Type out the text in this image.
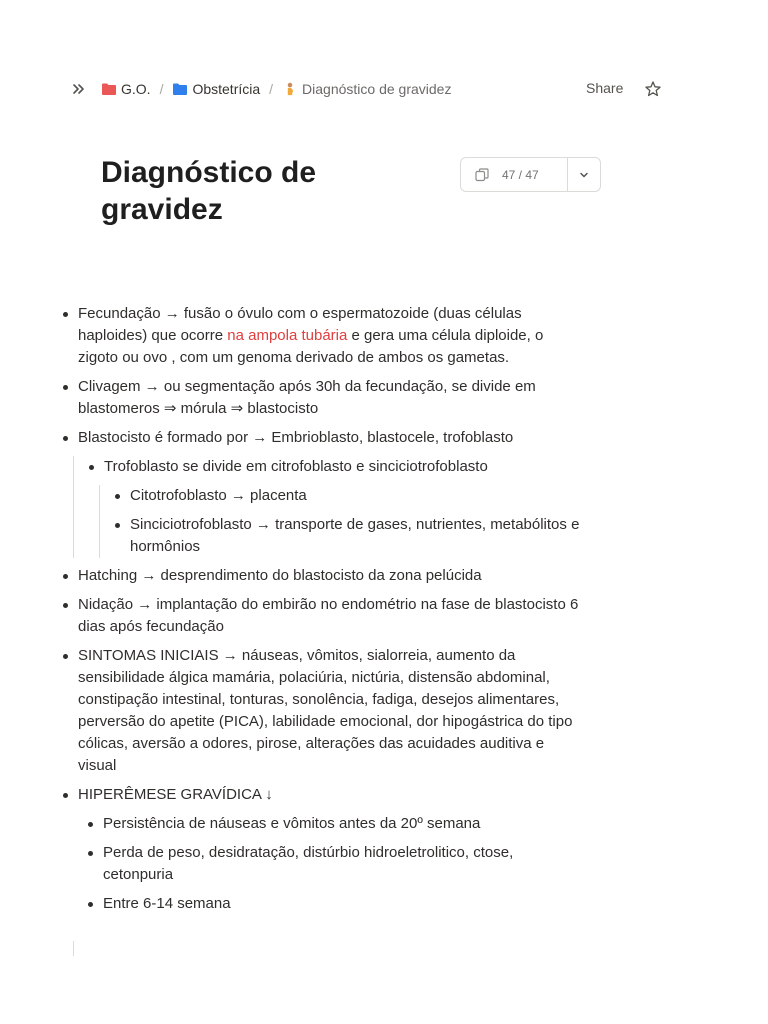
G.O. / Obstetrícia / Diagnóstico de gravidez	Share
Diagnóstico de gravidez
47 / 47
Fecundação → fusão o óvulo com o espermatozoide (duas células haploides) que ocorre na ampola tubária e gera uma célula diploide, o zigoto ou ovo , com um genoma derivado de ambos os gametas.
Clivagem → ou segmentação após 30h da fecundação, se divide em blastomeros ⇒ mórula ⇒ blastocisto
Blastocisto é formado por → Embrioblasto, blastocele, trofoblasto
Trofoblasto se divide em citrofoblasto e sinciciotrofoblasto
Citotrofoblasto → placenta
Sinciciotrofoblasto → transporte de gases, nutrientes, metabólitos e hormônios
Hatching → desprendimento do blastocisto da zona pelúcida
Nidação → implantação do embirão no endométrio na fase de blastocisto 6 dias após fecundação
SINTOMAS INICIAIS → náuseas, vômitos, sialorreia, aumento da sensibilidade álgica mamária, polaciúria, nictúria, distensão abdominal, constipação intestinal, tonturas, sonolência, fadiga, desejos alimentares, perversão do apetite (PICA), labilidade emocional, dor hipogástrica do tipo cólicas, aversão a odores, pirose, alterações das acuidades auditiva e visual
HIPERÊMESE GRAVÍDICA ↓
Persistência de náuseas e vômitos antes da 20º semana
Perda de peso, desidratação, distúrbio hidroeletrolitico, ctose, cetonpuria
Entre 6-14 semana
